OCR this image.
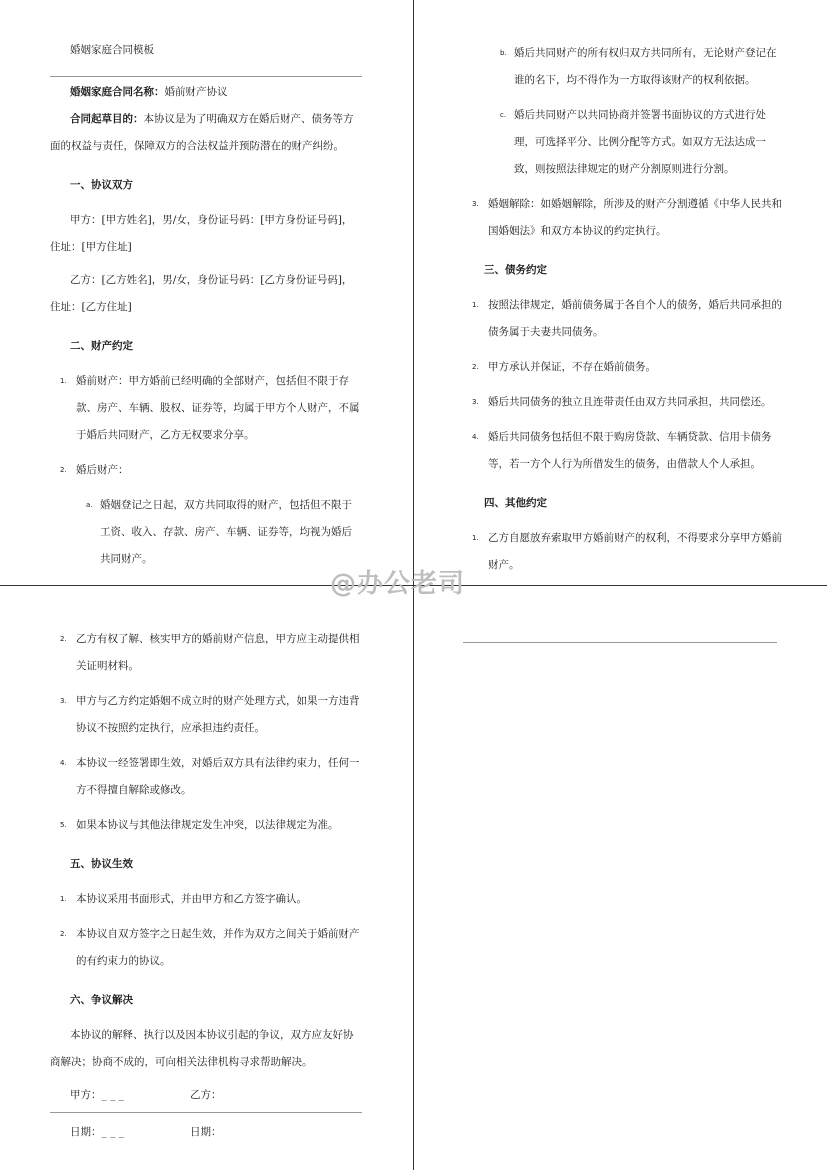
婚姻家庭合同模板

婚姻家庭合同名称：婚前财产协议

合同起草目的：本协议是为了明确双方在婚后财产、债务等方面的权益与责任，保障双方的合法权益并预防潜在的财产纠纷。

一、协议双方

甲方：[甲方姓名]，男/女，身份证号码：[甲方身份证号码]，住址：[甲方住址]

乙方：[乙方姓名]，男/女，身份证号码：[乙方身份证号码]，住址：[乙方住址]

二、财产约定

1. 婚前财产：甲方婚前已经明确的全部财产，包括但不限于存款、房产、车辆、股权、证券等，均属于甲方个人财产，不属于婚后共同财产，乙方无权要求分享。
2. 婚后财产：
a. 婚姻登记之日起，双方共同取得的财产，包括但不限于工资、收入、存款、房产、车辆、证券等，均视为婚后共同财产。
b. 婚后共同财产的所有权归双方共同所有，无论财产登记在谁的名下，均不得作为一方取得该财产的权利依据。
c. 婚后共同财产以共同协商并签署书面协议的方式进行处理，可选择平分、比例分配等方式。如双方无法达成一致，则按照法律规定的财产分割原则进行分割。
3. 婚姻解除：如婚姻解除，所涉及的财产分割遵循《中华人民共和国婚姻法》和双方本协议的约定执行。

三、债务约定

1. 按照法律规定，婚前债务属于各自个人的债务，婚后共同承担的债务属于夫妻共同债务。
2. 甲方承认并保证，不存在婚前债务。
3. 婚后共同债务的独立且连带责任由双方共同承担，共同偿还。
4. 婚后共同债务包括但不限于购房贷款、车辆贷款、信用卡债务等，若一方个人行为所借发生的债务，由借款人个人承担。

四、其他约定

1. 乙方自愿放弃索取甲方婚前财产的权利，不得要求分享甲方婚前财产。
@办公老司
2. 乙方有权了解、核实甲方的婚前财产信息，甲方应主动提供相关证明材料。
3. 甲方与乙方约定婚姻不成立时的财产处理方式，如果一方违背协议不按照约定执行，应承担违约责任。
4. 本协议一经签署即生效，对婚后双方具有法律约束力，任何一方不得擅自解除或修改。
5. 如果本协议与其他法律规定发生冲突，以法律规定为准。

五、协议生效

1. 本协议采用书面形式，并由甲方和乙方签字确认。
2. 本协议自双方签字之日起生效，并作为双方之间关于婚前财产的有约束力的协议。

六、争议解决

本协议的解释、执行以及因本协议引起的争议，双方应友好协商解决；协商不成的，可向相关法律机构寻求帮助解决。

甲方：_ _ _	乙方：
日期：_ _ _	日期：
